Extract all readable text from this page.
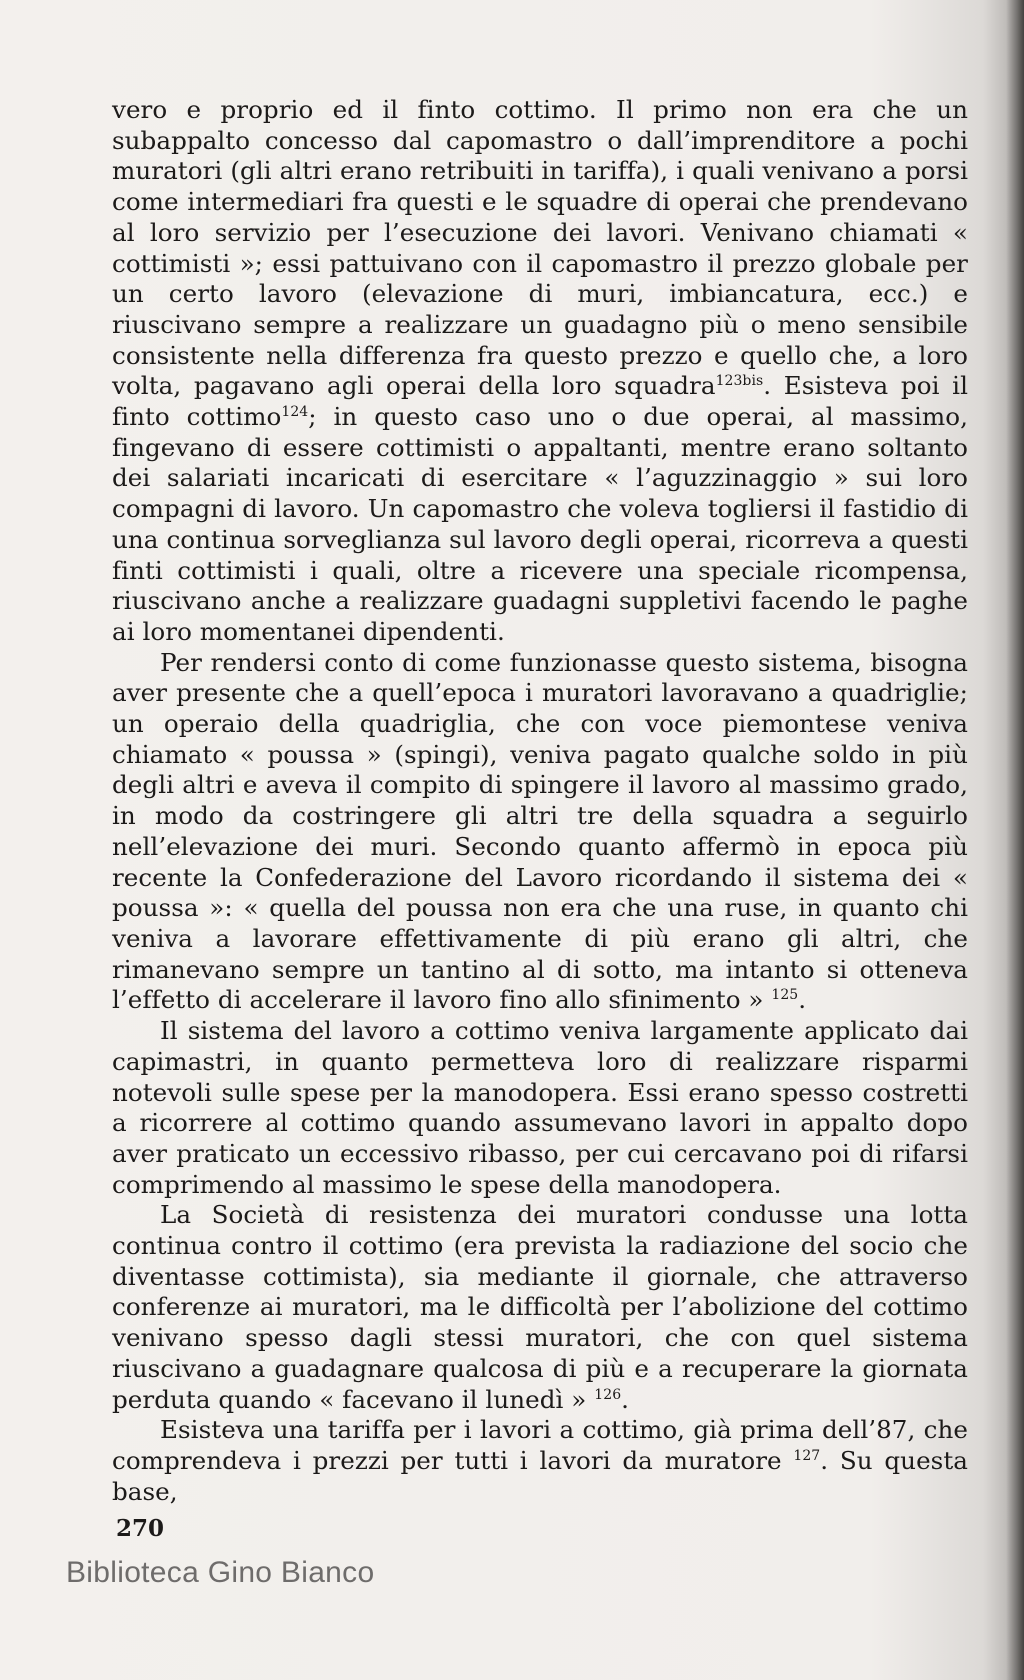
vero e proprio ed il finto cottimo. Il primo non era che un subappalto concesso dal capomastro o dall’imprenditore a pochi muratori (gli altri erano retribuiti in tariffa), i quali venivano a porsi come intermediari fra questi e le squadre di operai che prendevano al loro servizio per l’esecuzione dei lavori. Venivano chiamati « cottimisti »; essi pattuivano con il capomastro il prezzo globale per un certo lavoro (elevazione di muri, imbiancatura, ecc.) e riuscivano sempre a realizzare un guadagno più o meno sensibile consistente nella differenza fra questo prezzo e quello che, a loro volta, pagavano agli operai della loro squadra$^{123bis}$. Esisteva poi il finto cottimo$^{124}$; in questo caso uno o due operai, al massimo, fingevano di essere cottimisti o appaltanti, mentre erano soltanto dei salariati incaricati di esercitare « l’aguzzinaggio » sui loro compagni di lavoro. Un capomastro che voleva togliersi il fastidio di una continua sorveglianza sul lavoro degli operai, ricorreva a questi finti cottimisti i quali, oltre a ricevere una speciale ricompensa, riuscivano anche a realizzare guadagni suppletivi facendo le paghe ai loro momentanei dipendenti.

Per rendersi conto di come funzionasse questo sistema, bisogna aver presente che a quell’epoca i muratori lavoravano a quadriglie; un operaio della quadriglia, che con voce piemontese veniva chiamato « poussa » (spingi), veniva pagato qualche soldo in più degli altri e aveva il compito di spingere il lavoro al massimo grado, in modo da costringere gli altri tre della squadra a seguirlo nell’elevazione dei muri. Secondo quanto affermò in epoca più recente la Confederazione del Lavoro ricordando il sistema dei « poussa »: « quella del poussa non era che una ruse, in quanto chi veniva a lavorare effettivamente di più erano gli altri, che rimanevano sempre un tantino al di sotto, ma intanto si otteneva l’effetto di accelerare il lavoro fino allo sfinimento » $^{125}$.

Il sistema del lavoro a cottimo veniva largamente applicato dai capimastri, in quanto permetteva loro di realizzare risparmi notevoli sulle spese per la manodopera. Essi erano spesso costretti a ricorrere al cottimo quando assumevano lavori in appalto dopo aver praticato un eccessivo ribasso, per cui cercavano poi di rifarsi comprimendo al massimo le spese della manodopera.

La Società di resistenza dei muratori condusse una lotta continua contro il cottimo (era prevista la radiazione del socio che diventasse cottimista), sia mediante il giornale, che attraverso conferenze ai muratori, ma le difficoltà per l’abolizione del cottimo venivano spesso dagli stessi muratori, che con quel sistema riuscivano a guadagnare qualcosa di più e a recuperare la giornata perduta quando « facevano il lunedì » $^{126}$.

Esisteva una tariffa per i lavori a cottimo, già prima dell’87, che comprendeva i prezzi per tutti i lavori da muratore $^{127}$. Su questa base,

270
Biblioteca Gino Bianco
